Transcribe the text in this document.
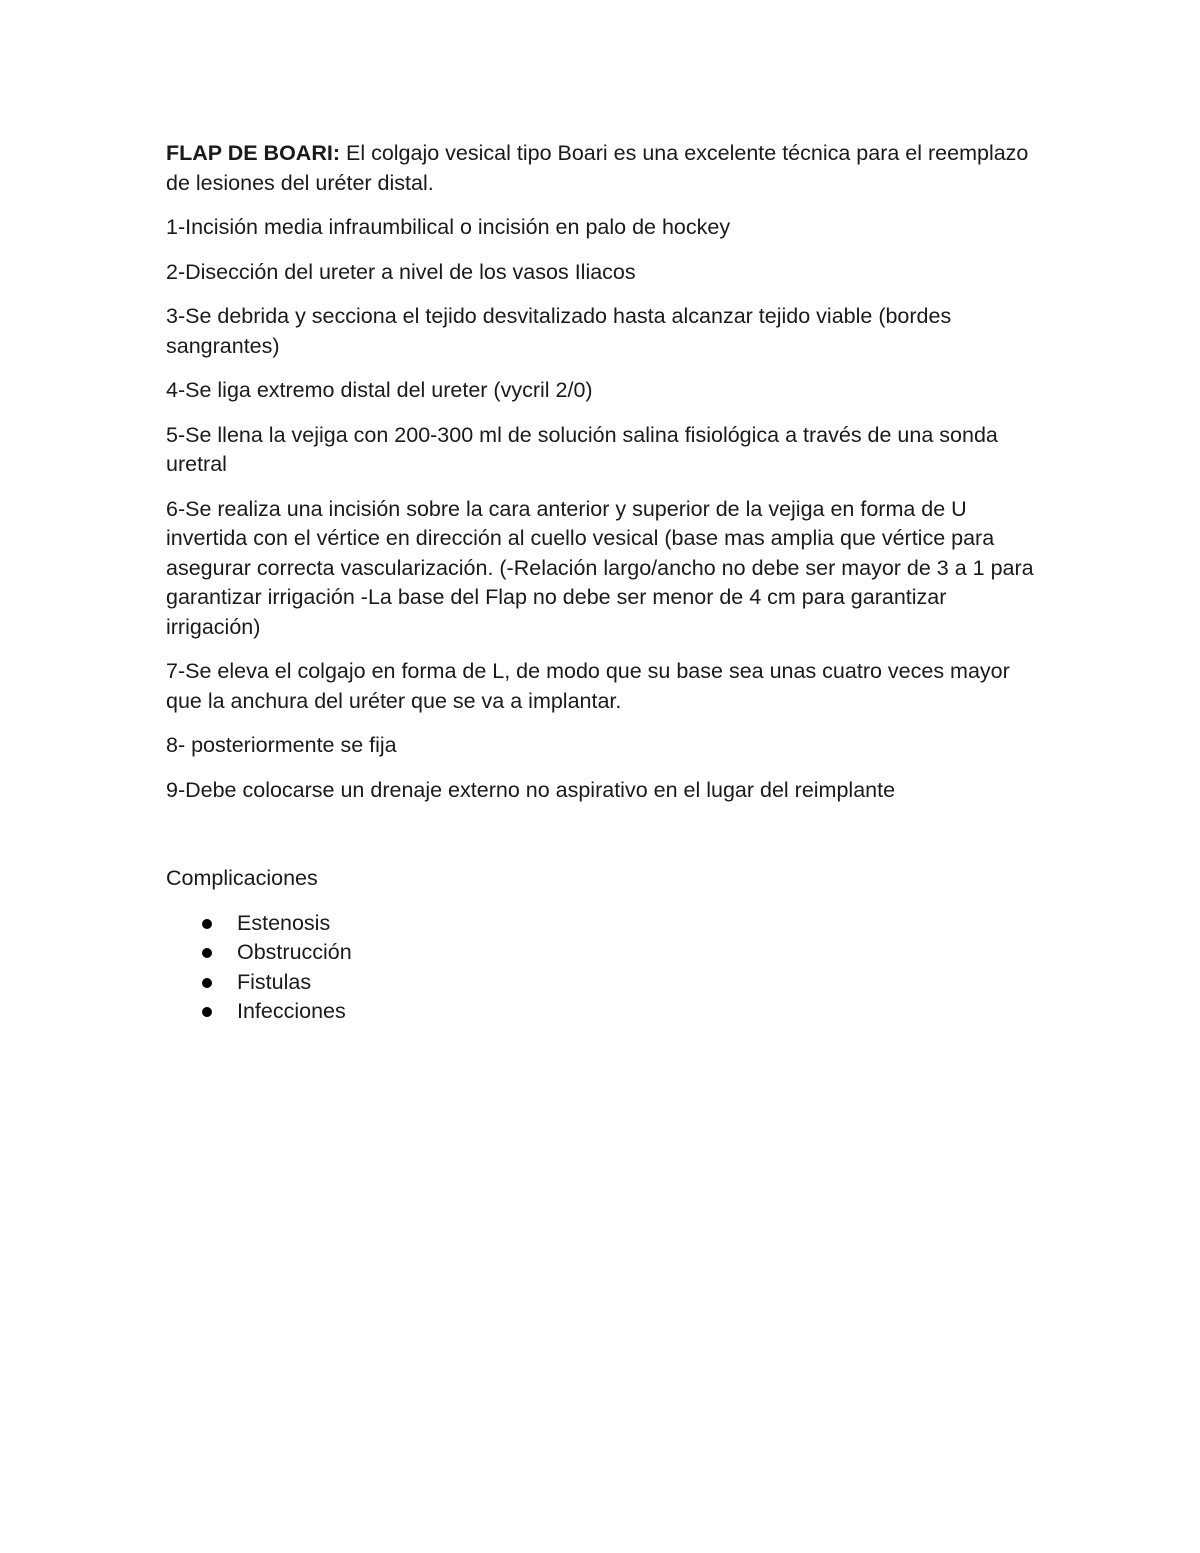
FLAP DE BOARI: El colgajo vesical tipo Boari es una excelente técnica para el reemplazo de lesiones del uréter distal.

1-Incisión media infraumbilical o incisión en palo de hockey

2-Disección del ureter a nivel de los vasos Iliacos

3-Se debrida y secciona el tejido desvitalizado hasta alcanzar tejido viable (bordes sangrantes)

4-Se liga extremo distal del ureter (vycril 2/0)

5-Se llena la vejiga con 200-300 ml de solución salina fisiológica a través de una sonda uretral

6-Se realiza una incisión sobre la cara anterior y superior de la vejiga en forma de U invertida con el vértice en dirección al cuello vesical (base mas amplia que vértice para asegurar correcta vascularización. (-Relación largo/ancho no debe ser mayor de 3 a 1 para garantizar irrigación -La base del Flap no debe ser menor de 4 cm para garantizar irrigación)

7-Se eleva el colgajo en forma de L, de modo que su base sea unas cuatro veces mayor que la anchura del uréter que se va a implantar.

8- posteriormente se fija

9-Debe colocarse un drenaje externo no aspirativo en el lugar del reimplante

Complicaciones

Estenosis
Obstrucción
Fistulas
Infecciones
